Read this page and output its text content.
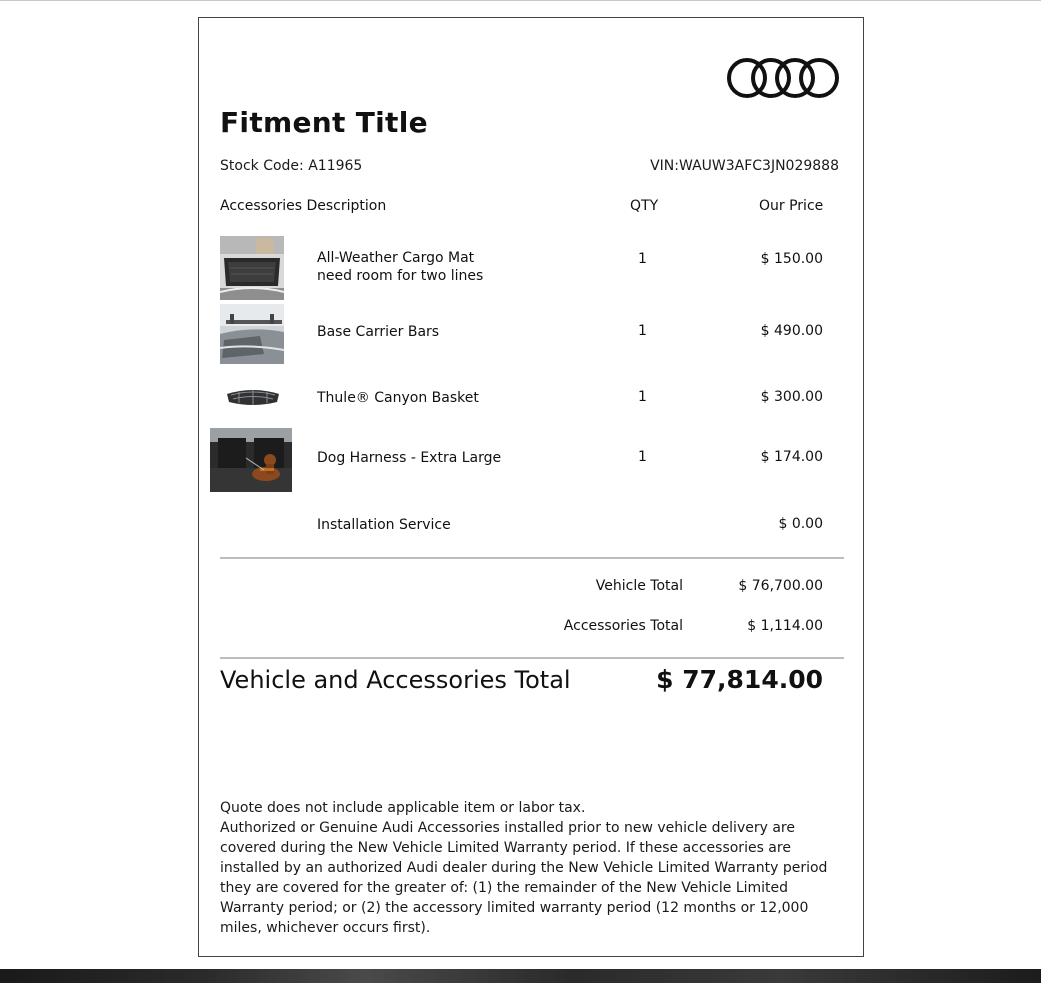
Fitment Title
Stock Code: A11965	VIN:WAUW3AFC3JN029888
Accessories Description	QTY	Our Price
All-Weather Cargo Mat
need room for two lines
1	$ 150.00
Base Carrier Bars	1	$ 490.00
Thule® Canyon Basket	1	$ 300.00
Dog Harness - Extra Large	1	$ 174.00
Installation Service	$ 0.00
Vehicle Total	$ 76,700.00
Accessories Total	$ 1,114.00
Vehicle and Accessories Total	$ 77,814.00

Quote does not include applicable item or labor tax.

Authorized or Genuine Audi Accessories installed prior to new vehicle delivery are covered during the New Vehicle Limited Warranty period. If these accessories are installed by an authorized Audi dealer during the New Vehicle Limited Warranty period they are covered for the greater of: (1) the remainder of the New Vehicle Limited Warranty period; or (2) the accessory limited warranty period (12 months or 12,000 miles, whichever occurs first).
